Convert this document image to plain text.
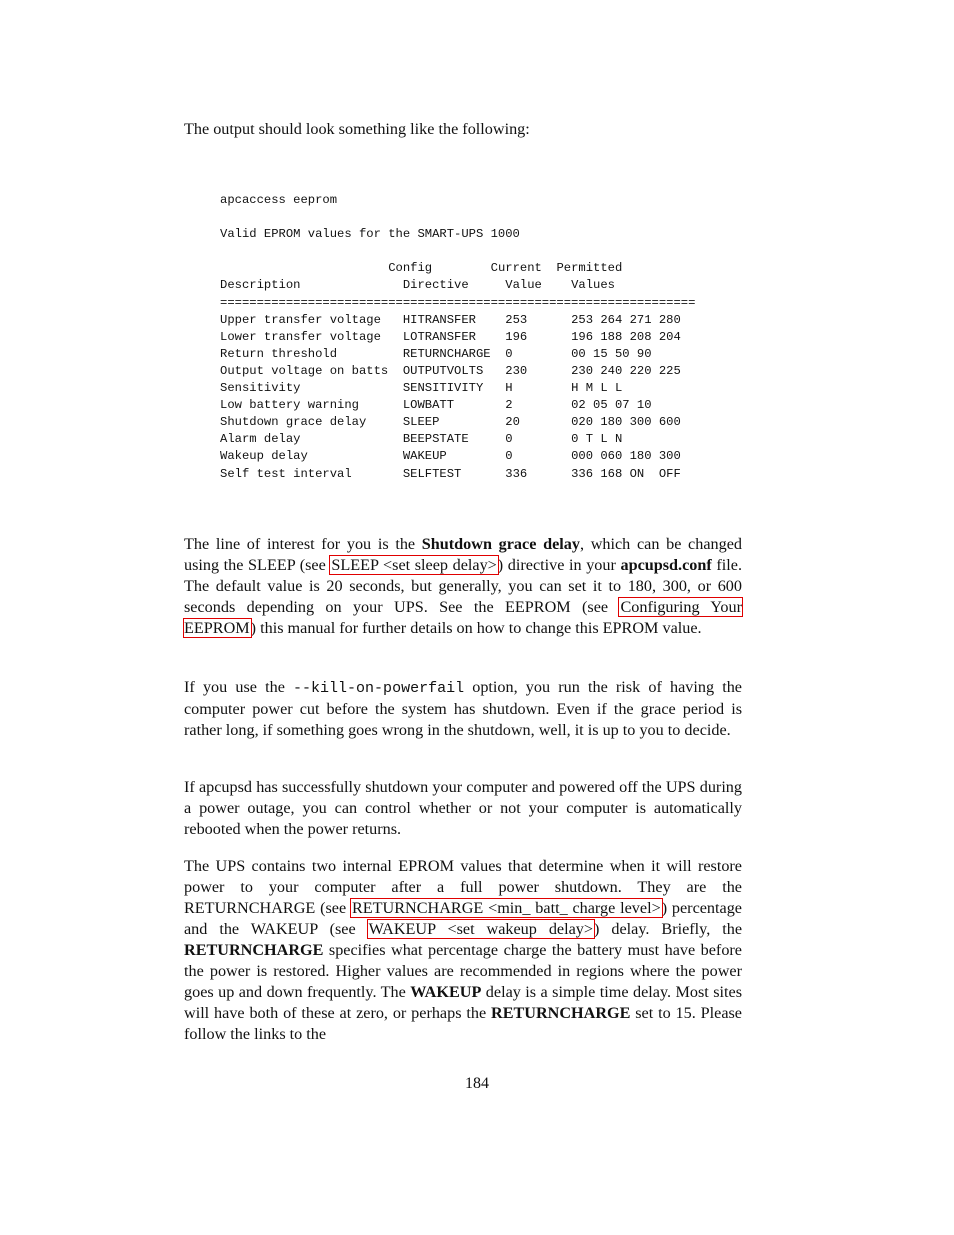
The output should look something like the following:
apcaccess eeprom

Valid EPROM values for the SMART-UPS 1000

Config	Current Permitted
Description	Directive	Value Values
=================================================================
Upper transfer voltage HITRANSFER 253	253 264 271 280
Lower transfer voltage LOTRANSFER 196	196 188 208 204
Return threshold	RETURNCHARGE 0	00 15 50 90
Output voltage on batts OUTPUTVOLTS 230	230 240 220 225
Sensitivity	SENSITIVITY H	H M L L
Low battery warning	LOWBATT	2	02 05 07 10
Shutdown grace delay	SLEEP	20	020 180 300 600
Alarm delay	BEEPSTATE	0	0 T L N
Wakeup delay	WAKEUP	0	000 060 180 300
Self test interval	SELFTEST	336	336 168 ON  OFF

The line of interest for you is the Shutdown grace delay, which can be changed using the SLEEP (see SLEEP <set sleep delay>) directive in your apcupsd.conf file. The default value is 20 seconds, but generally, you can set it to 180, 300, or 600 seconds depending on your UPS. See the EEPROM (see Configuring Your EEPROM) this manual for further details on how to change this EPROM value.
If you use the --kill-on-powerfail option, you run the risk of having the computer power cut before the system has shutdown. Even if the grace period is rather long, if something goes wrong in the shutdown, well, it is up to you to decide.
If apcupsd has successfully shutdown your computer and powered off the UPS during a power outage, you can control whether or not your computer is automatically rebooted when the power returns.
The UPS contains two internal EPROM values that determine when it will restore power to your computer after a full power shutdown. They are the RETURNCHARGE (see RETURNCHARGE <min_ batt_ charge level>) percentage and the WAKEUP (see WAKEUP <set wakeup delay>) delay. Briefly, the RETURNCHARGE specifies what percentage charge the battery must have before the power is restored. Higher values are recommended in regions where the power goes up and down frequently. The WAKEUP delay is a simple time delay. Most sites will have both of these at zero, or perhaps the RETURNCHARGE set to 15. Please follow the links to the
184
